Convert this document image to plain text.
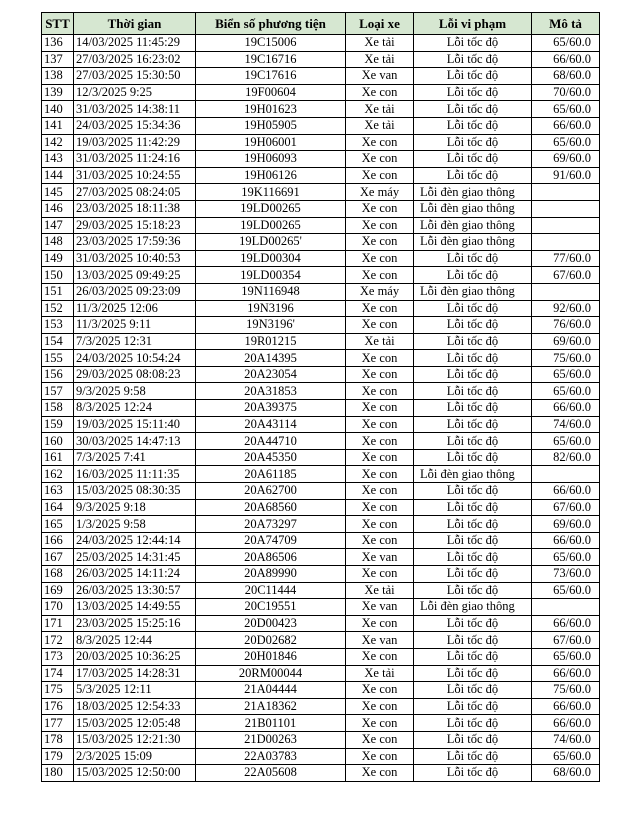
STT	Thời gian	Biển số phương tiện	Loại xe	Lỗi vi phạm	Mô tả
136	14/03/2025 11:45:29	19C15006	Xe tải	Lỗi tốc độ	65/60.0
137	27/03/2025 16:23:02	19C16716	Xe tải	Lỗi tốc độ	66/60.0
138	27/03/2025 15:30:50	19C17616	Xe van	Lỗi tốc độ	68/60.0
139	12/3/2025 9:25	19F00604	Xe con	Lỗi tốc độ	70/60.0
140	31/03/2025 14:38:11	19H01623	Xe tải	Lỗi tốc độ	65/60.0
141	24/03/2025 15:34:36	19H05905	Xe tải	Lỗi tốc độ	66/60.0
142	19/03/2025 11:42:29	19H06001	Xe con	Lỗi tốc độ	65/60.0
143	31/03/2025 11:24:16	19H06093	Xe con	Lỗi tốc độ	69/60.0
144	31/03/2025 10:24:55	19H06126	Xe con	Lỗi tốc độ	91/60.0
145	27/03/2025 08:24:05	19K116691	Xe máy	Lỗi đèn giao thông	
146	23/03/2025 18:11:38	19LD00265	Xe con	Lỗi đèn giao thông	
147	29/03/2025 15:18:23	19LD00265	Xe con	Lỗi đèn giao thông	
148	23/03/2025 17:59:36	19LD00265'	Xe con	Lỗi đèn giao thông	
149	31/03/2025 10:40:53	19LD00304	Xe con	Lỗi tốc độ	77/60.0
150	13/03/2025 09:49:25	19LD00354	Xe con	Lỗi tốc độ	67/60.0
151	26/03/2025 09:23:09	19N116948	Xe máy	Lỗi đèn giao thông	
152	11/3/2025 12:06	19N3196	Xe con	Lỗi tốc độ	92/60.0
153	11/3/2025 9:11	19N3196'	Xe con	Lỗi tốc độ	76/60.0
154	7/3/2025 12:31	19R01215	Xe tải	Lỗi tốc độ	69/60.0
155	24/03/2025 10:54:24	20A14395	Xe con	Lỗi tốc độ	75/60.0
156	29/03/2025 08:08:23	20A23054	Xe con	Lỗi tốc độ	65/60.0
157	9/3/2025 9:58	20A31853	Xe con	Lỗi tốc độ	65/60.0
158	8/3/2025 12:24	20A39375	Xe con	Lỗi tốc độ	66/60.0
159	19/03/2025 15:11:40	20A43114	Xe con	Lỗi tốc độ	74/60.0
160	30/03/2025 14:47:13	20A44710	Xe con	Lỗi tốc độ	65/60.0
161	7/3/2025 7:41	20A45350	Xe con	Lỗi tốc độ	82/60.0
162	16/03/2025 11:11:35	20A61185	Xe con	Lỗi đèn giao thông	
163	15/03/2025 08:30:35	20A62700	Xe con	Lỗi tốc độ	66/60.0
164	9/3/2025 9:18	20A68560	Xe con	Lỗi tốc độ	67/60.0
165	1/3/2025 9:58	20A73297	Xe con	Lỗi tốc độ	69/60.0
166	24/03/2025 12:44:14	20A74709	Xe con	Lỗi tốc độ	66/60.0
167	25/03/2025 14:31:45	20A86506	Xe van	Lỗi tốc độ	65/60.0
168	26/03/2025 14:11:24	20A89990	Xe con	Lỗi tốc độ	73/60.0
169	26/03/2025 13:30:57	20C11444	Xe tải	Lỗi tốc độ	65/60.0
170	13/03/2025 14:49:55	20C19551	Xe van	Lỗi đèn giao thông	
171	23/03/2025 15:25:16	20D00423	Xe con	Lỗi tốc độ	66/60.0
172	8/3/2025 12:44	20D02682	Xe van	Lỗi tốc độ	67/60.0
173	20/03/2025 10:36:25	20H01846	Xe con	Lỗi tốc độ	65/60.0
174	17/03/2025 14:28:31	20RM00044	Xe tải	Lỗi tốc độ	66/60.0
175	5/3/2025 12:11	21A04444	Xe con	Lỗi tốc độ	75/60.0
176	18/03/2025 12:54:33	21A18362	Xe con	Lỗi tốc độ	66/60.0
177	15/03/2025 12:05:48	21B01101	Xe con	Lỗi tốc độ	66/60.0
178	15/03/2025 12:21:30	21D00263	Xe con	Lỗi tốc độ	74/60.0
179	2/3/2025 15:09	22A03783	Xe con	Lỗi tốc độ	65/60.0
180	15/03/2025 12:50:00	22A05608	Xe con	Lỗi tốc độ	68/60.0
